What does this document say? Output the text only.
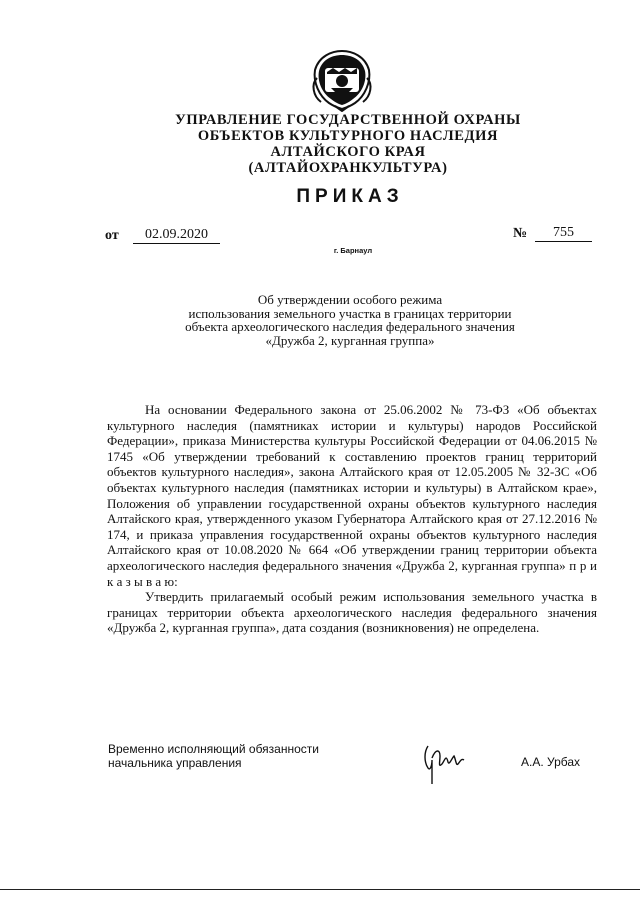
УПРАВЛЕНИЕ ГОСУДАРСТВЕННОЙ ОХРАНЫ
ОБЪЕКТОВ КУЛЬТУРНОГО НАСЛЕДИЯ
АЛТАЙСКОГО КРАЯ
(АЛТАЙОХРАНКУЛЬТУРА)
ПРИКАЗ
от	02.09.2020	№	755
г. Барнаул
Об утверждении особого режима
использования земельного участка в границах территории
объекта археологического наследия федерального значения
«Дружба 2, курганная группа»

На основании Федерального закона от 25.06.2002 № 73-ФЗ «Об объектах культурного наследия (памятниках истории и культуры) народов Российской Федерации», приказа Министерства культуры Российской Федерации от 04.06.2015 № 1745 «Об утверждении требований к составлению проектов границ территорий объектов культурного наследия», закона Алтайского края от 12.05.2005 № 32-ЗС «Об объектах культурного наследия (памятниках истории и культуры) в Алтайском крае», Положения об управлении государственной охраны объектов культурного наследия Алтайского края, утвержденного указом Губернатора Алтайского края от 27.12.2016 № 174, и приказа управления государственной охраны объектов культурного наследия Алтайского края от 10.08.2020 № 664 «Об утверждении границ территории объекта археологического наследия федерального значения «Дружба 2, курганная группа» п р и к а з ы в а ю:

Утвердить прилагаемый особый режим использования земельного участка в границах территории объекта археологического наследия федерального значения «Дружба 2, курганная группа», дата создания (возникновения) не определена.

Временно исполняющий обязанности
начальника управления	А.А. Урбах
